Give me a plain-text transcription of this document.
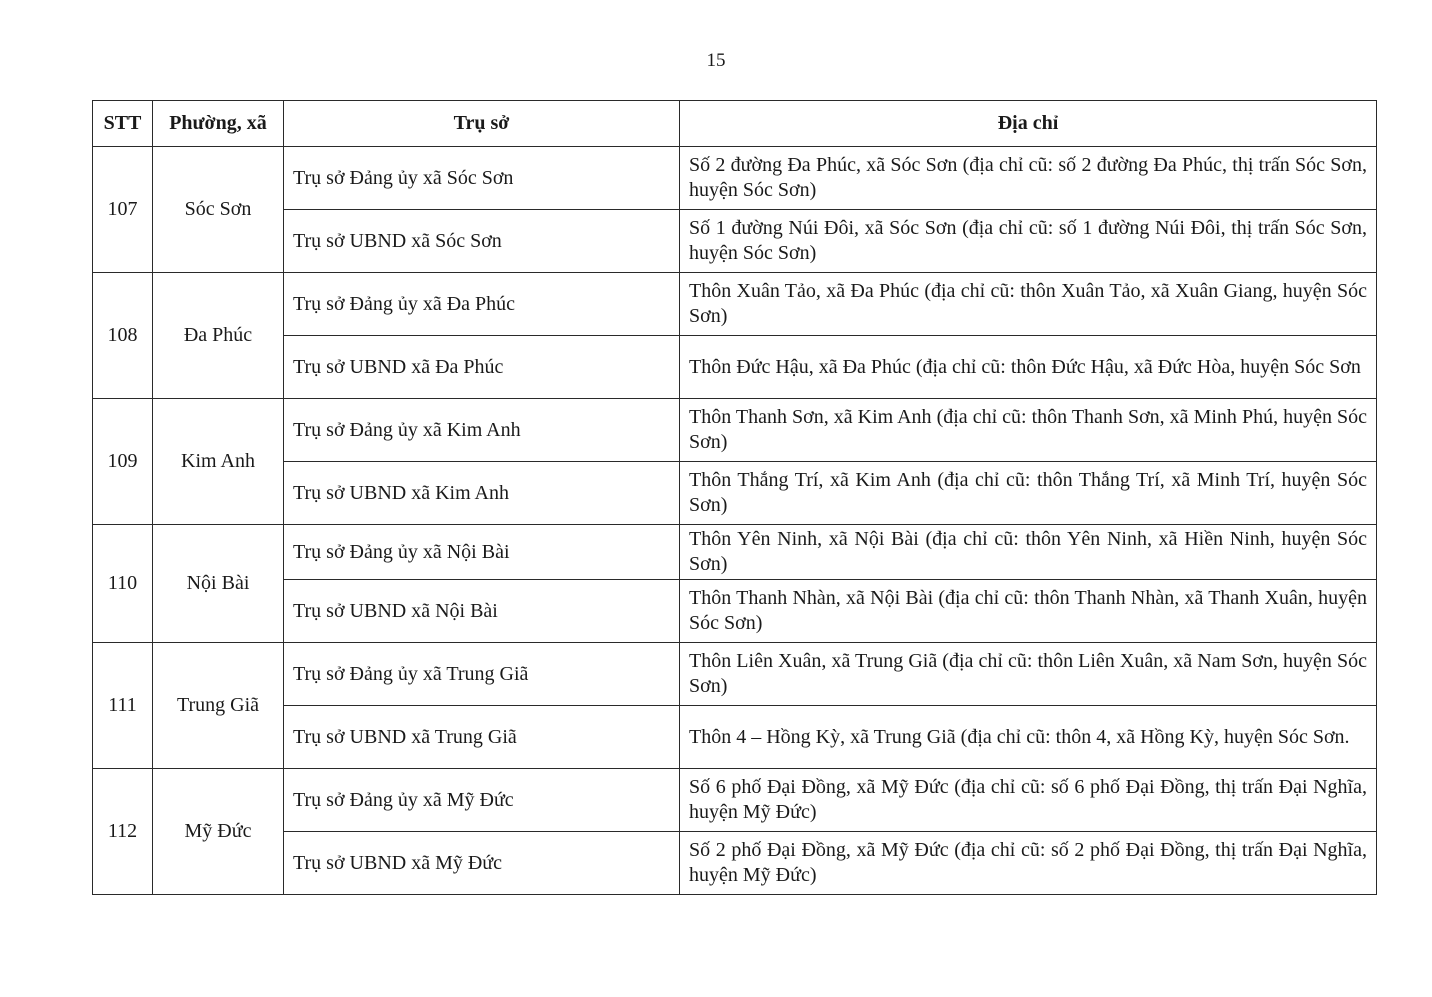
15
STT	Phường, xã	Trụ sở	Địa chỉ
107	Sóc Sơn	Trụ sở Đảng ủy xã Sóc Sơn	Số 2 đường Đa Phúc, xã Sóc Sơn (địa chỉ cũ: số 2 đường Đa Phúc, thị trấn Sóc Sơn, huyện Sóc Sơn)
		Trụ sở UBND xã Sóc Sơn	Số 1 đường Núi Đôi, xã Sóc Sơn (địa chỉ cũ: số 1 đường Núi Đôi, thị trấn Sóc Sơn, huyện Sóc Sơn)
108	Đa Phúc	Trụ sở Đảng ủy xã Đa Phúc	Thôn Xuân Tảo, xã Đa Phúc (địa chỉ cũ: thôn Xuân Tảo, xã Xuân Giang, huyện Sóc Sơn)
		Trụ sở UBND xã Đa Phúc	Thôn Đức Hậu, xã Đa Phúc (địa chỉ cũ: thôn Đức Hậu, xã Đức Hòa, huyện Sóc Sơn
109	Kim Anh	Trụ sở Đảng ủy xã Kim Anh	Thôn Thanh Sơn, xã Kim Anh (địa chỉ cũ: thôn Thanh Sơn, xã Minh Phú, huyện Sóc Sơn)
		Trụ sở UBND xã Kim Anh	Thôn Thắng Trí, xã Kim Anh (địa chỉ cũ: thôn Thắng Trí, xã Minh Trí, huyện Sóc Sơn)
110	Nội Bài	Trụ sở Đảng ủy xã Nội Bài	Thôn Yên Ninh, xã Nội Bài (địa chỉ cũ: thôn Yên Ninh, xã Hiền Ninh, huyện Sóc Sơn)
		Trụ sở UBND xã Nội Bài	Thôn Thanh Nhàn, xã Nội Bài (địa chỉ cũ: thôn Thanh Nhàn, xã Thanh Xuân, huyện Sóc Sơn)
111	Trung Giã	Trụ sở Đảng ủy xã Trung Giã	Thôn Liên Xuân, xã Trung Giã (địa chỉ cũ: thôn Liên Xuân, xã Nam Sơn, huyện Sóc Sơn)
		Trụ sở UBND xã Trung Giã	Thôn 4 – Hồng Kỳ, xã Trung Giã (địa chỉ cũ: thôn 4, xã Hồng Kỳ, huyện Sóc Sơn.
112	Mỹ Đức	Trụ sở Đảng ủy xã Mỹ Đức	Số 6 phố Đại Đồng, xã Mỹ Đức (địa chỉ cũ: số 6 phố Đại Đồng, thị trấn Đại Nghĩa, huyện Mỹ Đức)
		Trụ sở UBND xã Mỹ Đức	Số 2 phố Đại Đồng, xã Mỹ Đức (địa chỉ cũ: số 2 phố Đại Đồng, thị trấn Đại Nghĩa, huyện Mỹ Đức)
